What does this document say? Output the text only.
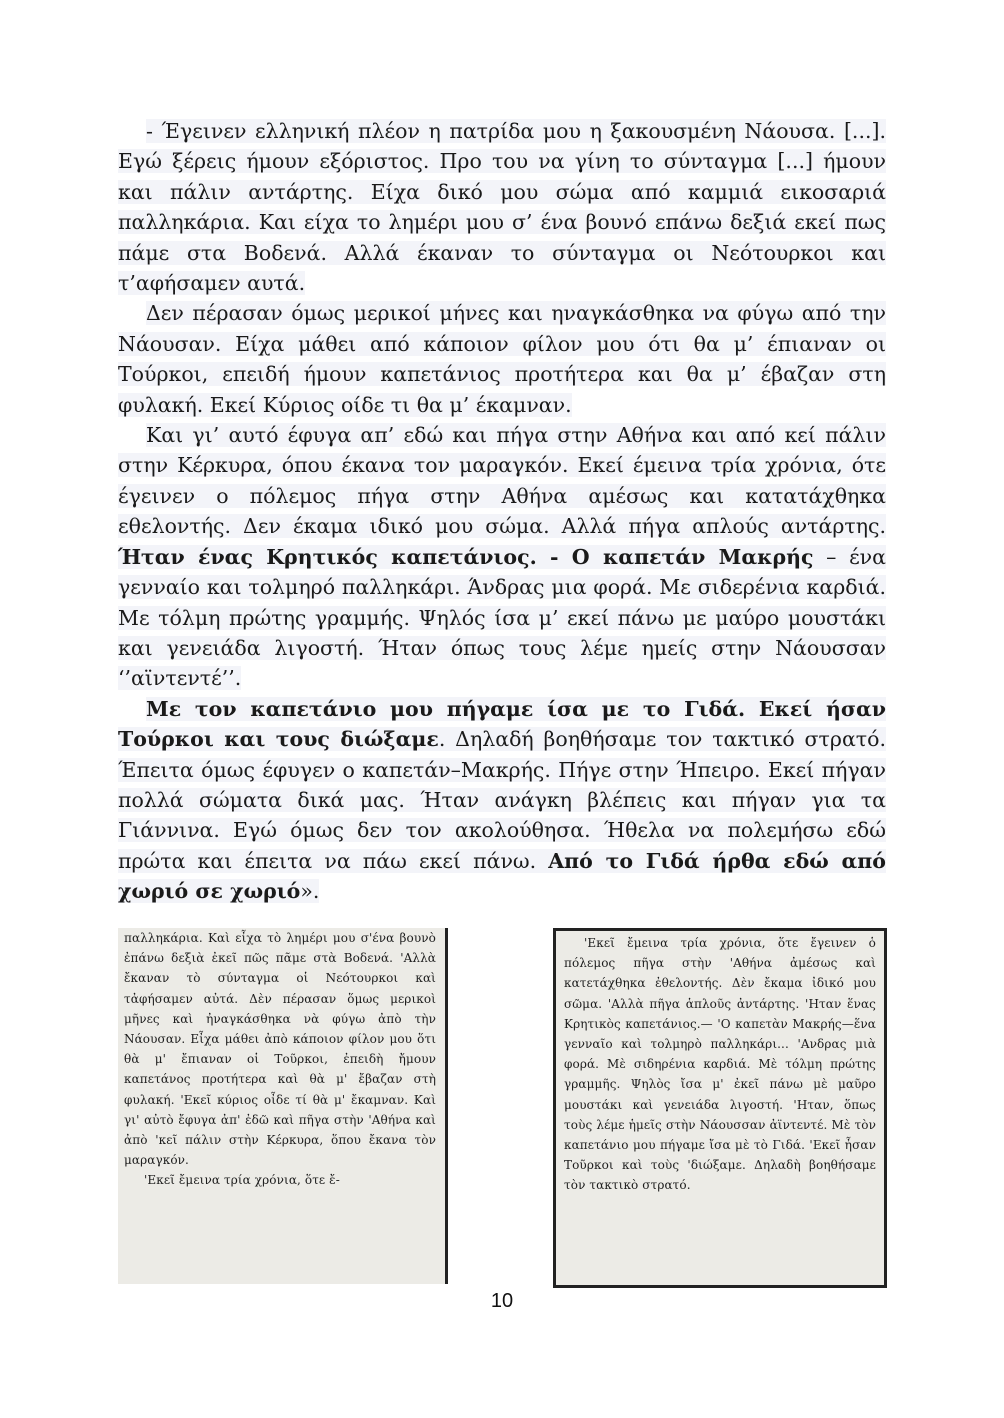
- Έγεινεν ελληνική πλέον η πατρίδα μου η ξακουσμένη Νάουσα. [...]. Εγώ ξέρεις ήμουν εξόριστος. Προ του να γίνη το σύνταγμα [...] ήμουν και πάλιν αντάρτης. Είχα δικό μου σώμα από καμμιά εικοσαριά παλληκάρια. Και είχα το λημέρι μου σ’ ένα βουνό επάνω δεξιά εκεί πως πάμε στα Βοδενά. Αλλά έκαναν το σύνταγμα οι Νεότουρκοι και τ’αφήσαμεν αυτά.

Δεν πέρασαν όμως μερικοί μήνες και ηναγκάσθηκα να φύγω από την Νάουσαν. Είχα μάθει από κάποιον φίλον μου ότι θα μ’ έπιαναν οι Τούρκοι, επειδή ήμουν καπετάνιος προτήτερα και θα μ’ έβαζαν στη φυλακή. Εκεί Κύριος οίδε τι θα μ’ έκαμναν.

Και γι’ αυτό έφυγα απ’ εδώ και πήγα στην Αθήνα και από κεί πάλιν στην Κέρκυρα, όπου έκανα τον μαραγκόν. Εκεί έμεινα τρία χρόνια, ότε έγεινεν ο πόλεμος πήγα στην Αθήνα αμέσως και κατατάχθηκα εθελοντής. Δεν έκαμα ιδικό μου σώμα. Αλλά πήγα απλούς αντάρτης. Ήταν ένας Κρητικός καπετάνιος. - Ο καπετάν Μακρής – ένα γενναίο και τολμηρό παλληκάρι. Άνδρας μια φορά. Με σιδερένια καρδιά. Με τόλμη πρώτης γραμμής. Ψηλός ίσα μ’ εκεί πάνω με μαύρο μουστάκι και γενειάδα λιγοστή. Ήταν όπως τους λέμε ημείς στην Νάουσσαν ‘’αϊντεντέ’’.

Με τον καπετάνιο μου πήγαμε ίσα με το Γιδά. Εκεί ήσαν Τούρκοι και τους διώξαμε. Δηλαδή βοηθήσαμε τον τακτικό στρατό. Έπειτα όμως έφυγεν ο καπετάν–Μακρής. Πήγε στην Ήπειρο. Εκεί πήγαν πολλά σώματα δικά μας. Ήταν ανάγκη βλέπεις και πήγαν για τα Γιάννινα. Εγώ όμως δεν τον ακολούθησα. Ήθελα να πολεμήσω εδώ πρώτα και έπειτα να πάω εκεί πάνω. Από το Γιδά ήρθα εδώ από χωριό σε χωριό».

παλληκάρια. Καὶ εἶχα τὸ λημέρι μου σ'ένα βουνὸ ἐπάνω δεξιὰ ἐκεῖ πῶς πᾶμε στὰ Βοδενά. 'Αλλὰ ἔκαναν τὸ σύνταγμα οἱ Νεότουρκοι καὶ τἀφήσαμεν αὐτά. Δὲν πέρασαν ὅμως μερικοὶ μῆνες καὶ ἠναγκάσθηκα νὰ φύγω ἀπὸ τὴν Νάουσαν. Εἶχα μάθει ἀπὸ κάποιον φίλον μου ὅτι θὰ μ' ἔπιαναν οἱ Τοῦρκοι, ἐπειδὴ ἤμουν καπετάνος προτήτερα καὶ θὰ μ' ἔβαζαν στὴ φυλακή. 'Εκεῖ κύριος οἶδε τί θὰ μ' ἔκαμναν. Καὶ γι' αὐτὸ ἔφυγα ἀπ' ἐδῶ καὶ πῆγα στὴν 'Αθήνα καὶ ἀπὸ 'κεῖ πάλιν στὴν Κέρκυρα, ὅπου ἔκανα τὸν μαραγκόν.

'Εκεῖ ἔμεινα τρία χρόνια, ὅτε ἔ-

'Εκεῖ ἔμεινα τρία χρόνια, ὅτε ἔγεινεν ὁ πόλεμος πῆγα στὴν 'Αθήνα ἀμέσως καὶ κατετάχθηκα ἐθελοντής. Δὲν ἔκαμα ἰδικό μου σῶμα. 'Αλλὰ πῆγα ἁπλοῦς ἀντάρτης. 'Ηταν ἕνας Κρητικὸς καπετάνιος.— 'Ο καπετὰν Μακρής—ἕνα γενναῖο καὶ τολμηρὸ παλληκάρι... 'Ανδρας μιὰ φορά. Μὲ σιδηρένια καρδιά. Μὲ τόλμη πρώτης γραμμῆς. Ψηλὸς ἴσα μ' ἐκεῖ πάνω μὲ μαῦρο μουστάκι καὶ γενειάδα λιγοστή. 'Ηταν, ὅπως τοὺς λέμε ἡμεῖς στὴν Νάουσσαν ἀϊντεντέ. Μὲ τὸν καπετάνιο μου πήγαμε ἴσα μὲ τὸ Γιδά. 'Εκεῖ ἦσαν Τοῦρκοι καὶ τοὺς 'διώξαμε. Δηλαδὴ βοηθήσαμε τὸν τακτικὸ στρατό.

10
